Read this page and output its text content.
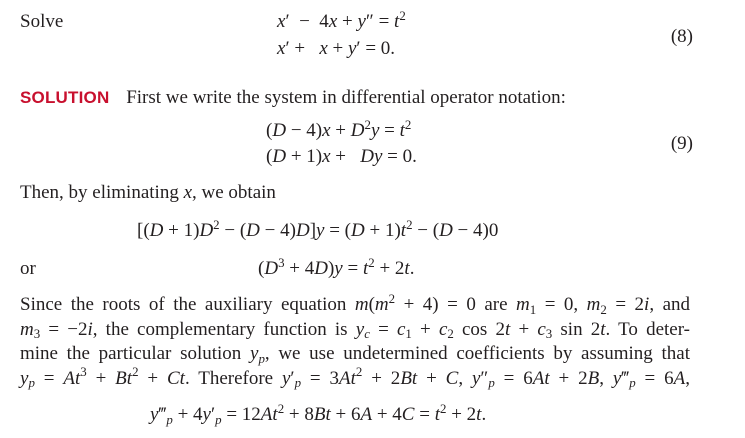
Solve	$x' - 4x + y'' = t^2$
x′ +   x + y′ = 0.
(8)
SOLUTION First we write the system in differential operator notation:
$(D - 4)x + D^2y = t^2$
(D + 1)x +   Dy = 0.
(9)
Then, by eliminating x, we obtain
$[(D + 1)D^2 - (D - 4)D]y = (D + 1)t^2 - (D - 4)0$
or	$(D^3 + 4D)y = t^2 + 2t$.
Since the roots of the auxiliary equation $m(m^2 + 4) = 0$ are $m_1 = 0$, $m_2 = 2i$, and
$m_3 = -2i$, the complementary function is $y_c = c_1 + c_2$ $\cos 2t + c_3$ sin 2t. To deter-
mine the particular solution $y_p$, we use undetermined coefficients by assuming that
$y_p = At^3 + Bt^2 + Ct$. Therefore $y'_p = 3At^2 + 2Bt + C$, $y''_p = 6At + 2B$, $y‴_p = 6A$,
$y‴_p + 4y'_p = 12At^2 + 8Bt + 6A + 4C = t^2 + 2t$.
